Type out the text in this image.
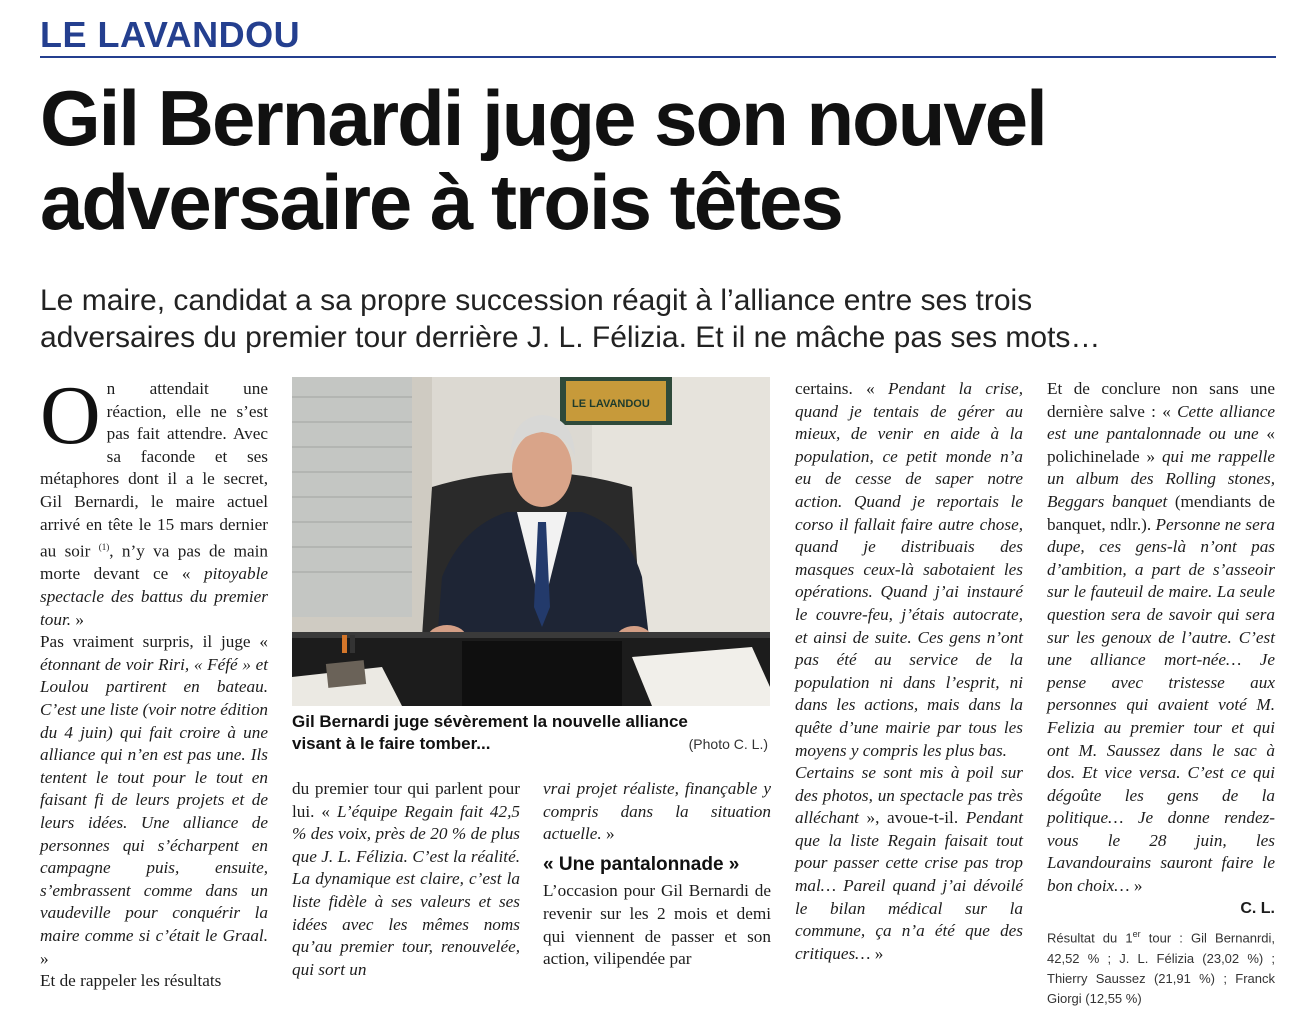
LE LAVANDOU
Gil Bernardi juge son nouvel
adversaire à trois têtes
Le maire, candidat a sa propre succession réagit à l’alliance entre ses trois
adversaires du premier tour derrière J. L. Félizia. Et il ne mâche pas ses mots…

On attendait une réaction, elle ne s’est pas fait attendre. Avec sa faconde et ses métaphores dont il a le secret, Gil Bernardi, le maire actuel arrivé en tête le 15 mars dernier au soir $^{(1)}$, n’y va pas de main morte devant ce « pitoyable spectacle des battus du premier tour. »

Pas vraiment surpris, il juge « étonnant de voir Riri, « Féfé » et Loulou partirent en bateau. C’est une liste (voir notre édition du 4 juin) qui fait croire à une alliance qui n’en est pas une. Ils tentent le tout pour le tout en faisant fi de leurs projets et de leurs idées. Une alliance de personnes qui s’écharpent en campagne puis, ensuite, s’embrassent comme dans un vaudeville pour conquérir la maire comme si c’était le Graal. »

Et de rappeler les résultats

LE LAVANDOU
Gil Bernardi juge sévèrement la nouvelle alliance
visant à le faire tomber...	(Photo C. L.)

du premier tour qui parlent pour lui. « L’équipe Regain fait 42,5 % des voix, près de 20 % de plus que J. L. Félizia. C’est la réalité. La dynamique est claire, c’est la liste fidèle à ses valeurs et ses idées avec les mêmes noms qu’au premier tour, renouvelée, qui sort un

vrai projet réaliste, finançable y compris dans la situation actuelle. »

« Une pantalonnade »

L’occasion pour Gil Bernardi de revenir sur les 2 mois et demi qui viennent de passer et son action, vilipendée par

certains. « Pendant la crise, quand je tentais de gérer au mieux, de venir en aide à la population, ce petit monde n’a eu de cesse de saper notre action. Quand je reportais le corso il fallait faire autre chose, quand je distribuais des masques ceux-là sabotaient les opérations. Quand j’ai instauré le couvre-feu, j’étais autocrate, et ainsi de suite. Ces gens n’ont pas été au service de la population ni dans l’esprit, ni dans les actions, mais dans la quête d’une mairie par tous les moyens y compris les plus bas.

Certains se sont mis à poil sur des photos, un spectacle pas très alléchant », avoue-t-il. Pendant que la liste Regain faisait tout pour passer cette crise pas trop mal… Pareil quand j’ai dévoilé le bilan médical sur la commune, ça n’a été que des critiques… »

Et de conclure non sans une dernière salve : « Cette alliance est une pantalonnade ou une « polichinelade » qui me rappelle un album des Rolling stones, Beggars banquet (mendiants de banquet, ndlr.). Personne ne sera dupe, ces gens-là n’ont pas d’ambition, a part de s’asseoir sur le fauteuil de maire. La seule question sera de savoir qui sera sur les genoux de l’autre. C’est une alliance mort-née… Je pense avec tristesse aux personnes qui avaient voté M. Felizia au premier tour et qui ont M. Saussez dans le sac à dos. Et vice versa. C’est ce qui dégoûte les gens de la politique… Je donne rendez-vous le 28 juin, les Lavandourains sauront faire le bon choix… »

C. L.

Résultat du 1er tour : Gil Bernanrdi, 42,52 % ; J. L. Félizia (23,02 %) ; Thierry Saussez (21,91 %) ; Franck Giorgi (12,55 %)
